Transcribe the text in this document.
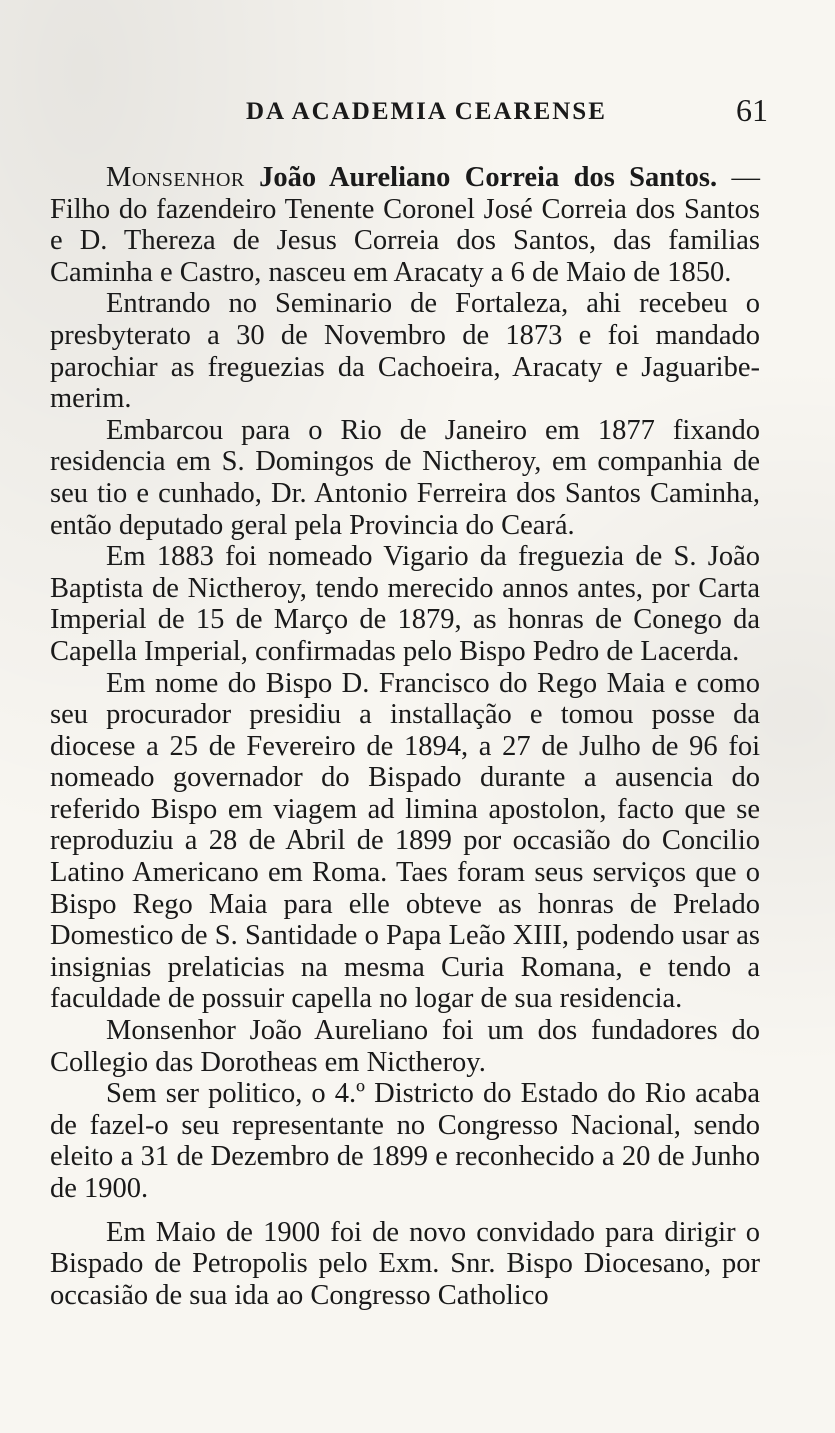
DA ACADEMIA CEARENSE	61

Monsenhor João Aureliano Correia dos Santos. —Filho do fazendeiro Tenente Coronel José Correia dos Santos e D. Thereza de Jesus Correia dos Santos, das familias Caminha e Castro, nasceu em Aracaty a 6 de Maio de 1850.

Entrando no Seminario de Fortaleza, ahi recebeu o presbyterato a 30 de Novembro de 1873 e foi mandado parochiar as freguezias da Cachoeira, Aracaty e Jaguaribe-merim.

Embarcou para o Rio de Janeiro em 1877 fixando residencia em S. Domingos de Nictheroy, em companhia de seu tio e cunhado, Dr. Antonio Ferreira dos Santos Caminha, então deputado geral pela Provincia do Ceará.

Em 1883 foi nomeado Vigario da freguezia de S. João Baptista de Nictheroy, tendo merecido annos antes, por Carta Imperial de 15 de Março de 1879, as honras de Conego da Capella Imperial, confirmadas pelo Bispo Pedro de Lacerda.

Em nome do Bispo D. Francisco do Rego Maia e como seu procurador presidiu a installação e tomou posse da diocese a 25 de Fevereiro de 1894, a 27 de Julho de 96 foi nomeado governador do Bispado durante a ausencia do referido Bispo em viagem ad limina apostolon, facto que se reproduziu a 28 de Abril de 1899 por occasião do Concilio Latino Americano em Roma. Taes foram seus serviços que o Bispo Rego Maia para elle obteve as honras de Prelado Domestico de S. Santidade o Papa Leão XIII, podendo usar as insignias prelaticias na mesma Curia Romana, e tendo a faculdade de possuir capella no logar de sua residencia.

Monsenhor João Aureliano foi um dos fundadores do Collegio das Dorotheas em Nictheroy.

Sem ser politico, o 4.º Districto do Estado do Rio acaba de fazel-o seu representante no Congresso Nacional, sendo eleito a 31 de Dezembro de 1899 e reconhecido a 20 de Junho de 1900.

Em Maio de 1900 foi de novo convidado para dirigir o Bispado de Petropolis pelo Exm. Snr. Bispo Diocesano, por occasião de sua ida ao Congresso Catholico
